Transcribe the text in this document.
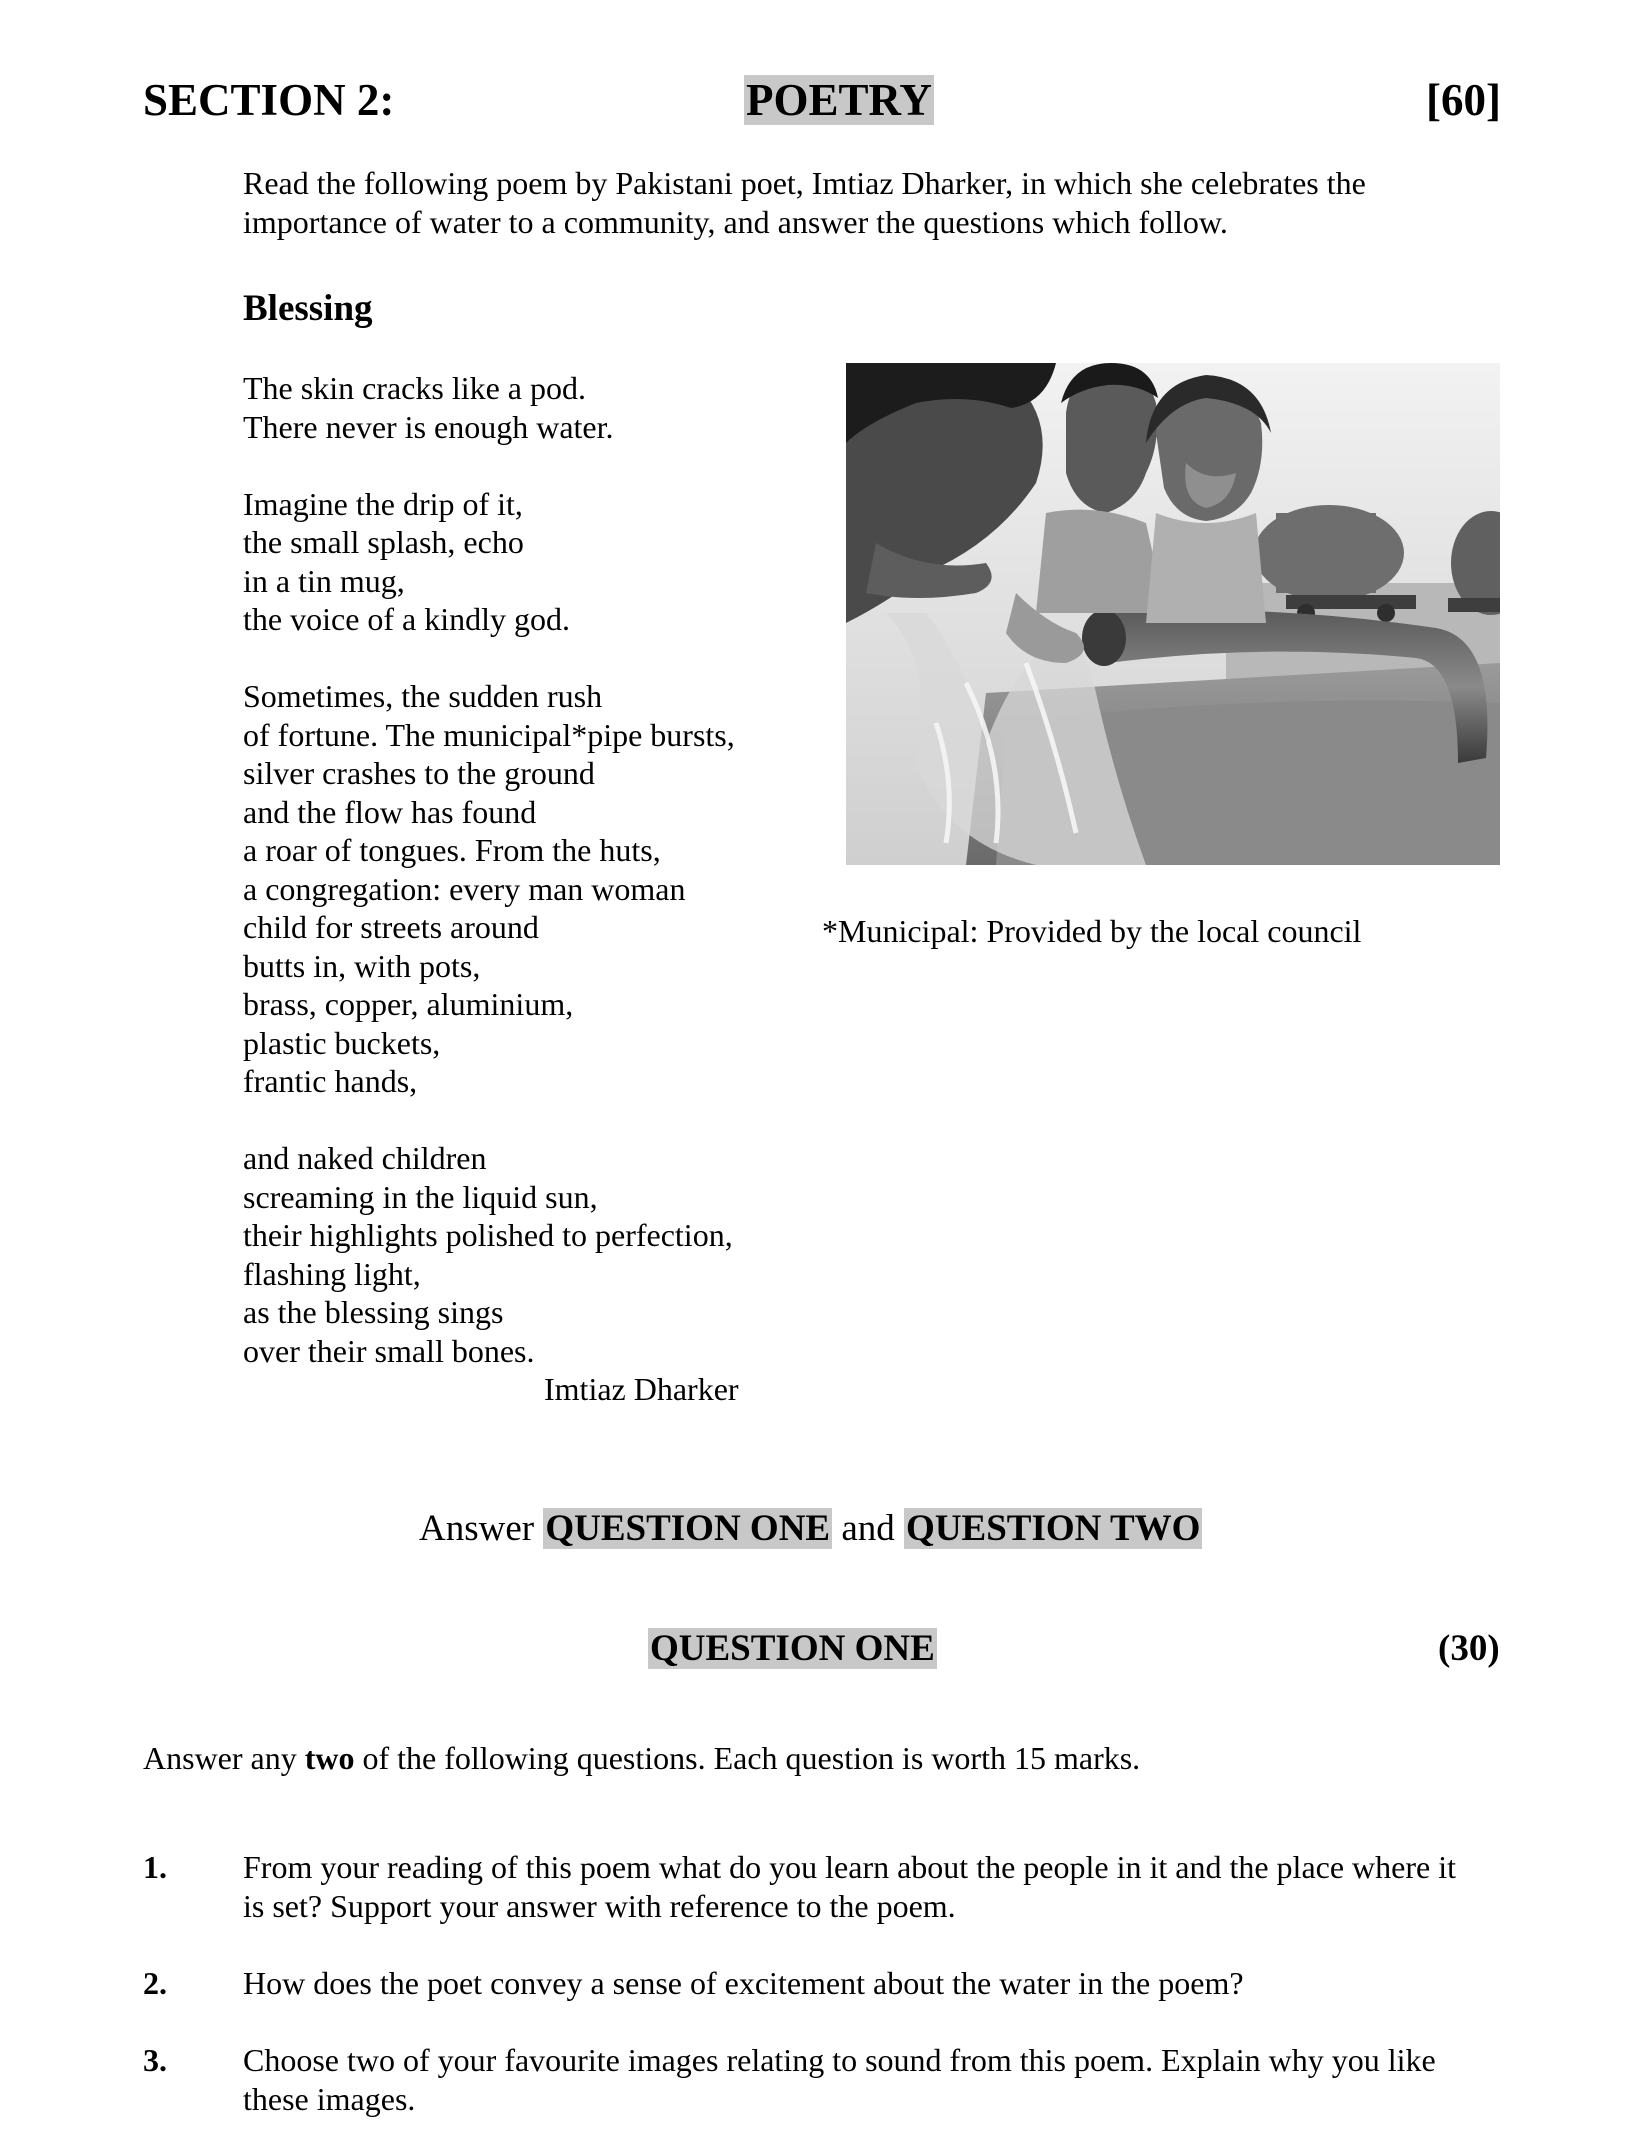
SECTION 2:	POETRY	[60]
Read the following poem by Pakistani poet, Imtiaz Dharker, in which she celebrates the
importance of water to a community, and answer the questions which follow.
Blessing
The skin cracks like a pod.
There never is enough water.
Imagine the drip of it,
the small splash, echo
in a tin mug,
the voice of a kindly god.
Sometimes, the sudden rush
of fortune. The municipal*pipe bursts,
silver crashes to the ground
and the flow has found
a roar of tongues. From the huts,
a congregation: every man woman
child for streets around
butts in, with pots,
brass, copper, aluminium,
plastic buckets,
frantic hands,
and naked children
screaming in the liquid sun,
their highlights polished to perfection,
flashing light,
as the blessing sings
over their small bones.
Imtiaz Dharker
*Municipal: Provided by the local council
Answer QUESTION ONE and QUESTION TWO
QUESTION ONE	(30)
Answer any two of the following questions. Each question is worth 15 marks.
1. From your reading of this poem what do you learn about the people in it and the place where it
is set? Support your answer with reference to the poem.
2. How does the poet convey a sense of excitement about the water in the poem?
3. Choose two of your favourite images relating to sound from this poem. Explain why you like
these images.
